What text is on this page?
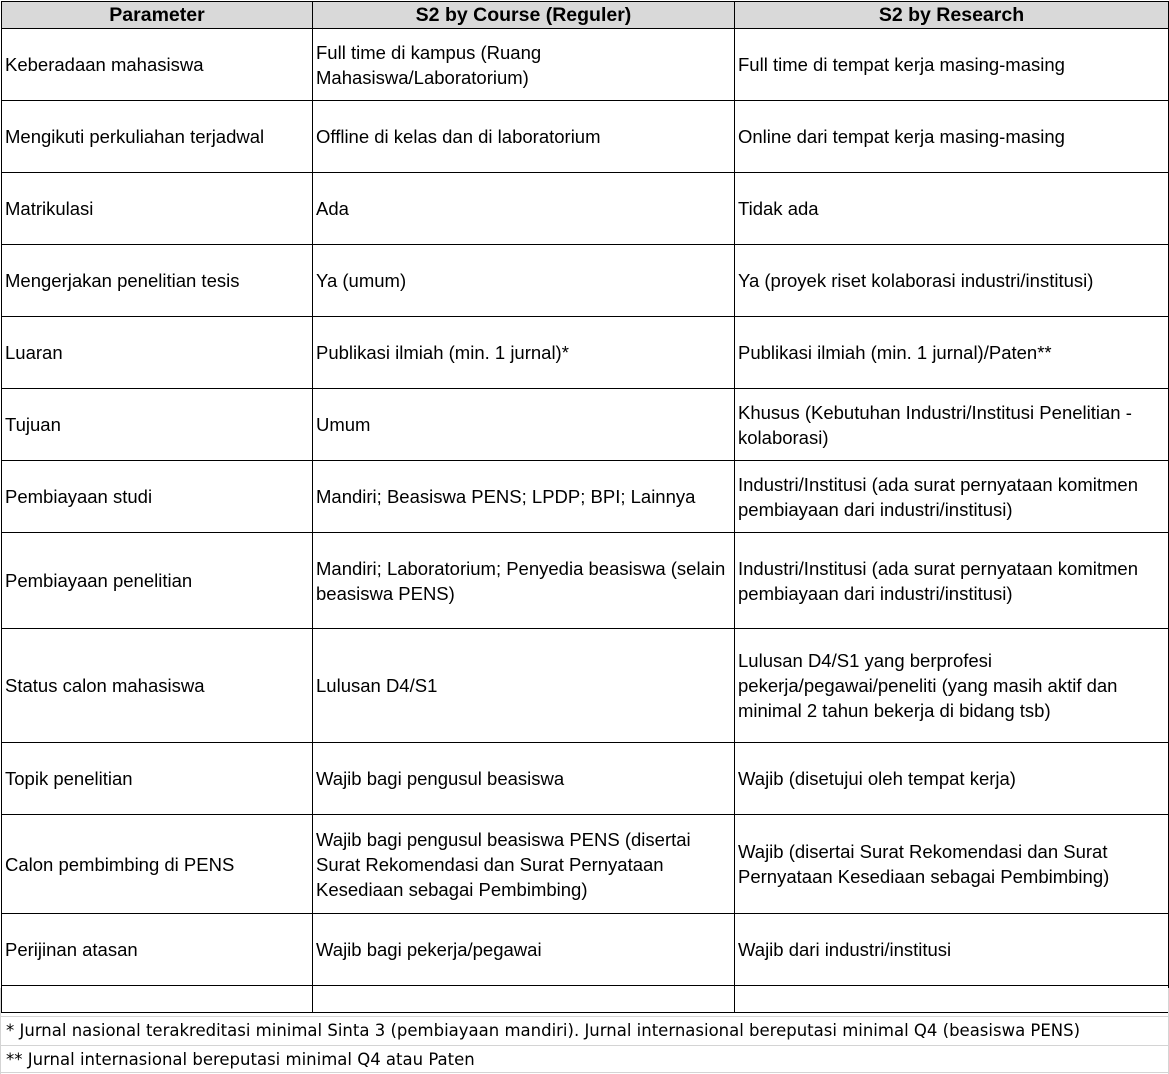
Parameter	S2 by Course (Reguler)	S2 by Research
Keberadaan mahasiswa	Full time di kampus (Ruang Mahasiswa/Laboratorium)	Full time di tempat kerja masing-masing
Mengikuti perkuliahan terjadwal	Offline di kelas dan di laboratorium	Online dari tempat kerja masing-masing
Matrikulasi	Ada	Tidak ada
Mengerjakan penelitian tesis	Ya (umum)	Ya (proyek riset kolaborasi industri/institusi)
Luaran	Publikasi ilmiah (min. 1 jurnal)*	Publikasi ilmiah (min. 1 jurnal)/Paten**
Tujuan	Umum	Khusus (Kebutuhan Industri/Institusi Penelitian - kolaborasi)
Pembiayaan studi	Mandiri; Beasiswa PENS; LPDP; BPI; Lainnya	Industri/Institusi (ada surat pernyataan komitmen pembiayaan dari industri/institusi)
Pembiayaan penelitian	Mandiri; Laboratorium; Penyedia beasiswa (selain beasiswa PENS)	Industri/Institusi (ada surat pernyataan komitmen pembiayaan dari industri/institusi)
Status calon mahasiswa	Lulusan D4/S1	Lulusan D4/S1 yang berprofesi pekerja/pegawai/peneliti (yang masih aktif dan minimal 2 tahun bekerja di bidang tsb)
Topik penelitian	Wajib bagi pengusul beasiswa	Wajib (disetujui oleh tempat kerja)
Calon pembimbing di PENS	Wajib bagi pengusul beasiswa PENS (disertai Surat Rekomendasi dan Surat Pernyataan Kesediaan sebagai Pembimbing)	Wajib (disertai Surat Rekomendasi dan Surat Pernyataan Kesediaan sebagai Pembimbing)
Perijinan atasan	Wajib bagi pekerja/pegawai	Wajib dari industri/institusi

* Jurnal nasional terakreditasi minimal Sinta 3 (pembiayaan mandiri). Jurnal internasional bereputasi minimal Q4 (beasiswa PENS)
** Jurnal internasional bereputasi minimal Q4 atau Paten
